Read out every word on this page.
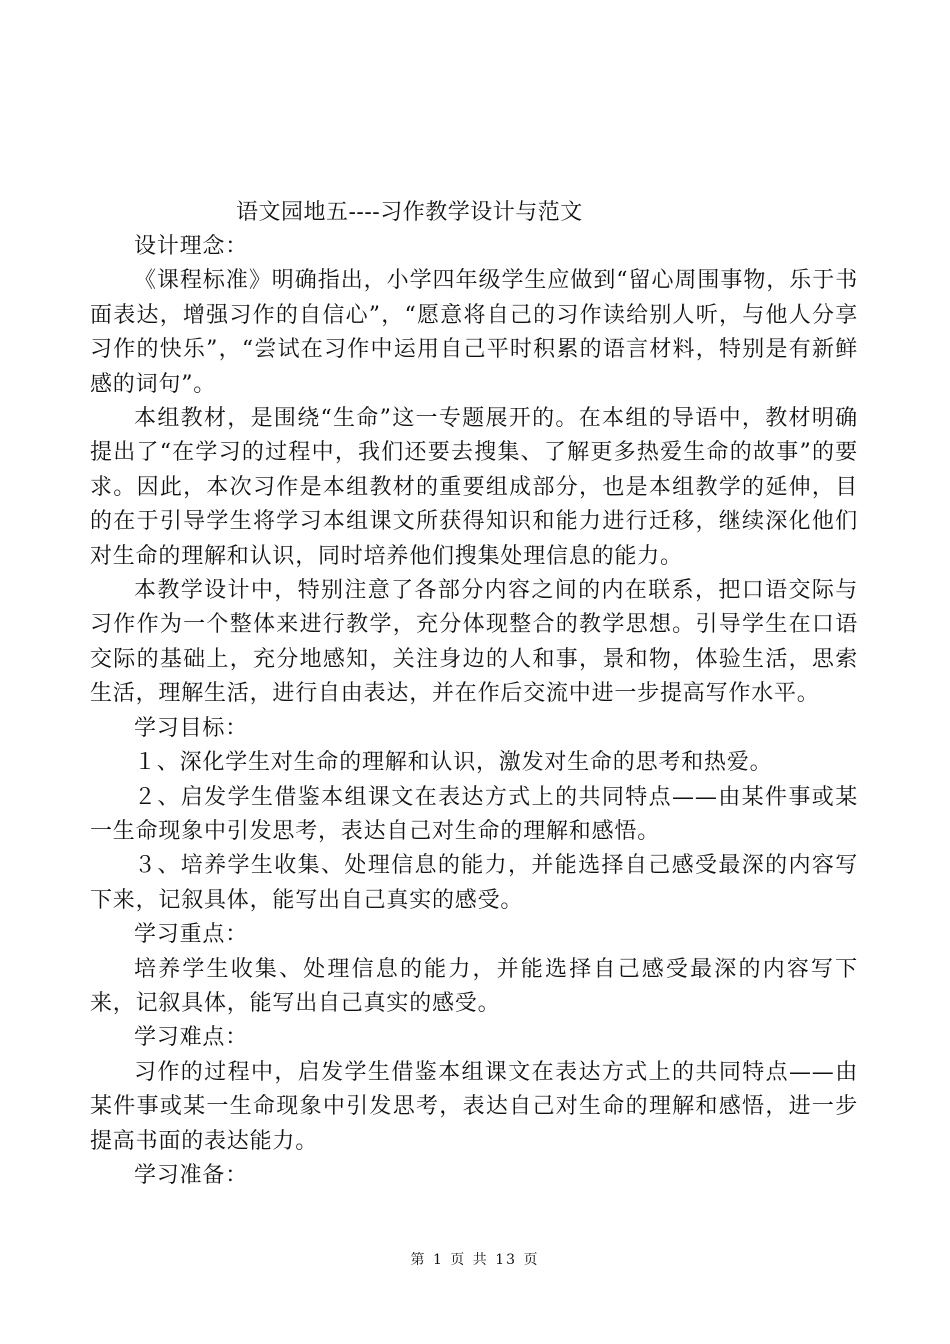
语文园地五----习作教学设计与范文

设计理念：

《课程标准》明确指出，小学四年级学生应做到“留心周围事物，乐于书面表达，增强习作的自信心”，“愿意将自己的习作读给别人听，与他人分享习作的快乐”，“尝试在习作中运用自己平时积累的语言材料，特别是有新鲜感的词句”。

本组教材，是围绕“生命”这一专题展开的。在本组的导语中，教材明确提出了“在学习的过程中，我们还要去搜集、了解更多热爱生命的故事”的要求。因此，本次习作是本组教材的重要组成部分，也是本组教学的延伸，目的在于引导学生将学习本组课文所获得知识和能力进行迁移，继续深化他们对生命的理解和认识，同时培养他们搜集处理信息的能力。

本教学设计中，特别注意了各部分内容之间的内在联系，把口语交际与习作作为一个整体来进行教学，充分体现整合的教学思想。引导学生在口语交际的基础上，充分地感知，关注身边的人和事，景和物，体验生活，思索生活，理解生活，进行自由表达，并在作后交流中进一步提高写作水平。

学习目标：

１、深化学生对生命的理解和认识，激发对生命的思考和热爱。

２、启发学生借鉴本组课文在表达方式上的共同特点——由某件事或某一生命现象中引发思考，表达自己对生命的理解和感悟。

３、培养学生收集、处理信息的能力，并能选择自己感受最深的内容写下来，记叙具体，能写出自己真实的感受。

学习重点：

培养学生收集、处理信息的能力，并能选择自己感受最深的内容写下来，记叙具体，能写出自己真实的感受。

学习难点：

习作的过程中，启发学生借鉴本组课文在表达方式上的共同特点——由某件事或某一生命现象中引发思考，表达自己对生命的理解和感悟，进一步提高书面的表达能力。

学习准备：

第 1 页 共 13 页
